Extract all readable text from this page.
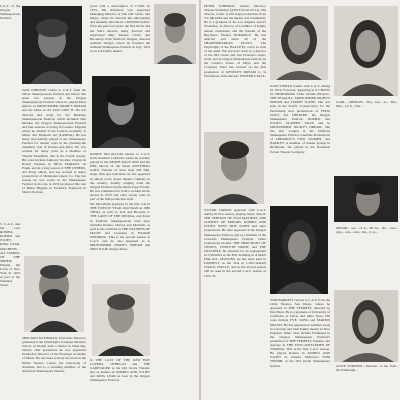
C.A.T. of the Oregon Shakespearean Festival,

SAM JOHNSON comes to C.A.T. from the Oliver Shakespearean Festival and before that spent two seasons as the Oregon Shakespearean Festival where he played Peter Quince in MIDSUMMER NIGHT'S DREAM and the Duke in AS YOU LIKE IT. He has directed and acted for the Berkeley Shakespearean Festival, which included Stan Dundee, the Oregon Shakespearean Festival and four seasons of acting in London, England where he studied at the London Academy of Music and Dramatic Art (LAMDA). He has many successfully played at the Shakespeare Festival for theater roles in the pleasing-the 'sunshine' role of Romeo-and-Juliet. He was worked for many years as a member of Theatre Ensemble; this is his fourth season. His roles include Anthony Strother, Charles & Robert Tennant, in DICK MARKUS. At Frank, and in a long season of THE OTHERS, and many others, and has worked at major productions of Manhattan Opera Co. The last season he was active in the Shakespeare Festival in his role in 1974 he played this role of Henry Higgins in Frederick Tennyson in Shaw's Portrait.

S. C.A.T., and his own ROMEO, ROMEO and JULIET, KING LEAR, MACBETH, and TAMING OF THE SHREW, Playing the Lover of New York in 1974 as part of the Standard Stock.

SHELDON KLEINMAN, Executive Director, graduated from Pittsburgh's Carnegie Mellon's School of Drama with a master in Directing. Shortly after graduation he was appointed Production Director of the Brooklyn Academy of Music. He has been actively involved in the Dallas Theater Center, the University of Alabama, and is a founding member of the American Shakespeare Theatre.

years with a subscription of 17,000. In 1973, Mr. Robinson was appointed Managing Director of The Old Globe, San Diego, where he directed the subscription and annually introduced a $500,000 deficit. Over the past four years, the Old Globe and the Star's Awards, many directed and supervised Ohio Theater Circle, and Broadway from Stratford, Oregon, directed Ashland Oregon where he founded the Ashland Shakespeare Festival in July, 1974 as an LA Equity theater.

RANDY McCALLUM returns to C.A.T. from Southern California where he recently played in the DEATH RACE 2000 and the NBC Movie of the Week ANYTHING GOES. Veteran of more than 200 film, stage, film and television, he has appeared in almost every major theater company in the country, notably ranging from the Oregon Festival and the Mark Taper Forum. He was nominated for both a Golden Globe Award in 1976 and other screen roles as part of the film production staff.

Mr. McCallum appeared in the title role in THE TWELVE YEAR OLD MAN in 1980 Tiffany, as well as Jack and Brownie to THE LADY OF THE DECIDA, and Pavel in TANGO. Shakespearean roles have included Romeo, Oberon and Macbeth, as well as the Cardinal in THE DUCHESS OF MALFI and Leonardo in BLOOD WEDDING. This is his second season at C.A.T. and he also appeared as A MIDSUMMER NIGHT'S DREAM and MISS JULIE among others.

in THE LAST OF THE RED HOT LOVERS, OTHELLO and THE CARETAKER at the Old Globe Theater, and as Romeo in ROMEO AND JULIET and KING LEAR as Lear in the Oregon Shakespeare Festival.

PETER SCHERGO, Artistic Director, Theater Workshop (ATWT) from UCLA. The director, writer of 100 stage productions from TV, DRAMA and the theater arts community. He is a graduate of the Los Angeles Actor's Workshop, is director of a number of Equity theater companies, and the founder of the Big-Show Theater ROMANCE. He has directed and acted all of the SHAKESPEAREAN PLAYS, The Playwright of the BALLETS, acted in both of the same. His previous work as a director of the Old Globe and San Francisco stage-work, and in Oregon Shakespeare festival. In the Cantor's Scene of Maya and the Conquest, Peter has worked on the first production of GENTLE'S DREAM to 'A Wind Rose of the Ravens' WINTER'S TALE.

VICTOR TAPPAN appeared with C.A.T. during its first season, playing major roles in THE SERVANT OF TWO MASTERS, THE COMEDY OF ERRORS, ROMEO AND JULIET, WEST SIDE STORY and other productions. He then appeared at the Oregon Shakespeare Festival, and as a member of the Colorado Shakespeare Festival. Other productions include THE MERCHANT OF VENICE, TWELFTH NIGHT, and THE CRUCIBLE. He returned for an engagement in CYRANO as the Pill. Standing in A MAN FOR ALL SEASONS, he has been seen in EARNEST, as the Jack in CAUCASIAN CHALK CIRCLE, and in his second season will be seen in the second C.A.T. season of 1975-76.

JOAN TINKLE returns with C.A.T. during its 1974-75 period, appearing in A CHANT IN MEMORIAM. Titles include BLACK-THE SEAGULL, MIDSUMMER NIGHT'S DREAM and STREET SCENE. She was seen in the Pacific Conservatory for the Performing Arts productions of FEDA GOTT, TO THEATRE, the Oregon Shakespeare Festival, ROMEO and JULIET, SLAPPED SILLY, and in MIDSUMMER NIGHT'S DREAM. She has also worked at the Stratford Shakespeare Festival, Glendale Productions of CHEKHOV'S TWO WOMEN, and HAMLET. A member of theater groups in Richmond, she played in the Northeast Pocket Theater Company.

TOM BARRETT returns to C.A.T. from the Little Theater, San Diego, where he appeared in THE TEMPEST, directed by Dan Moss. He is a graduate of University of California at Davis and Ohio State. His roles include EVE, SONG and MARTIN DECEIT. He has appeared in summer stock in Colorado and with Equity theater in New England. Other roles include Ferdinand in the Oregon Shakespeare Festival's production of THE TEMPEST, Faustus, and Antonio in THE TWO GENTLEMEN OF VERONA. This is his first C.A.T. season. He played Romeo in ROMEO AND JULIET in Charles Marlowe's TOM THUMB, at the Old Globe Shakespeare festival.

CARL... MEDIAN... The... has... as... The... Dire... (at h... The...

MINOR... see... of A... He ha... his... Jose... play... role... and... the... C.A...

ALICE SORVINO... Duncan... is the Tom... the Edinburgh...
